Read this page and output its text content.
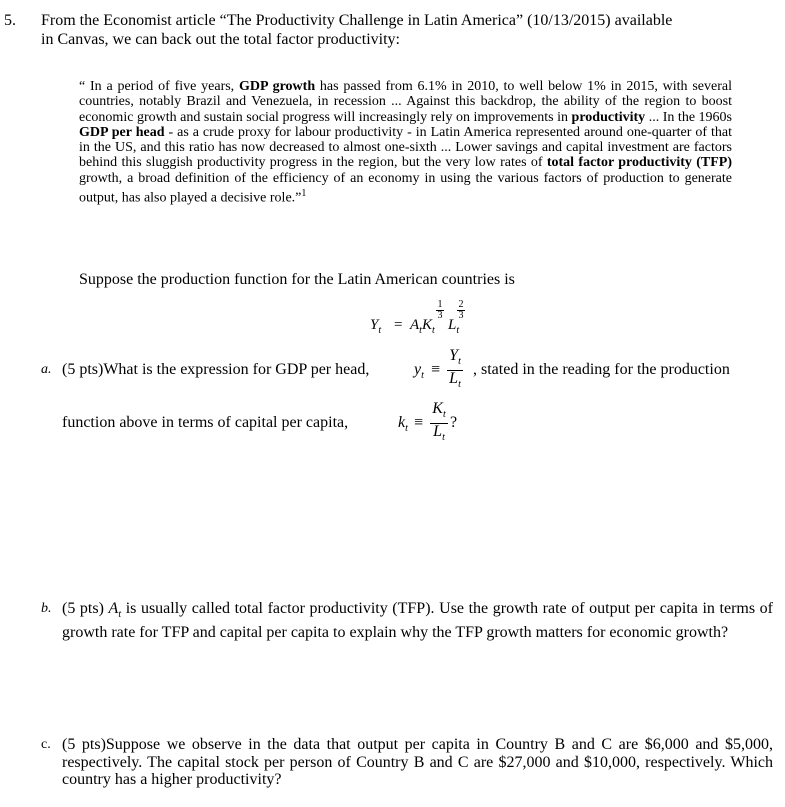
5. From the Economist article “The Productivity Challenge in Latin America” (10/13/2015) available
in Canvas, we can back out the total factor productivity:
“ In a period of five years, GDP growth has passed from 6.1% in 2010, to well below 1% in 2015, with several countries, notably Brazil and Venezuela, in recession ... Against this backdrop, the ability of the region to boost economic growth and sustain social progress will increasingly rely on improvements in productivity ... In the 1960s GDP per head - as a crude proxy for labour productivity - in Latin America represented around one-quarter of that in the US, and this ratio has now decreased to almost one-sixth ... Lower savings and capital investment are factors behind this sluggish productivity progress in the region, but the very low rates of total factor productivity (TFP) growth, a broad definition of the efficiency of an economy in using the various factors of production to generate output, has also played a decisive role.”$^1$
Suppose the production function for the Latin American countries is
$Y_t = A_tK_t$
1
3
$L_t$
2
3
a. (5 pts)What is the expression for GDP per head,	$y_t$ ≡
$Y_t$
$L_t$
, stated in the reading for the production
function above in terms of capital per capita,	$k_t$ ≡
$K_t$
$L_t$
?
b. (5 pts) $A_t$ is usually called total factor productivity (TFP). Use the growth rate of output per capita in terms of growth rate for TFP and capital per capita to explain why the TFP growth matters for economic growth?
c. (5 pts)Suppose we observe in the data that output per capita in Country B and C are $6,000 and $5,000, respectively. The capital stock per person of Country B and C are $27,000 and $10,000, respectively. Which country has a higher productivity?
